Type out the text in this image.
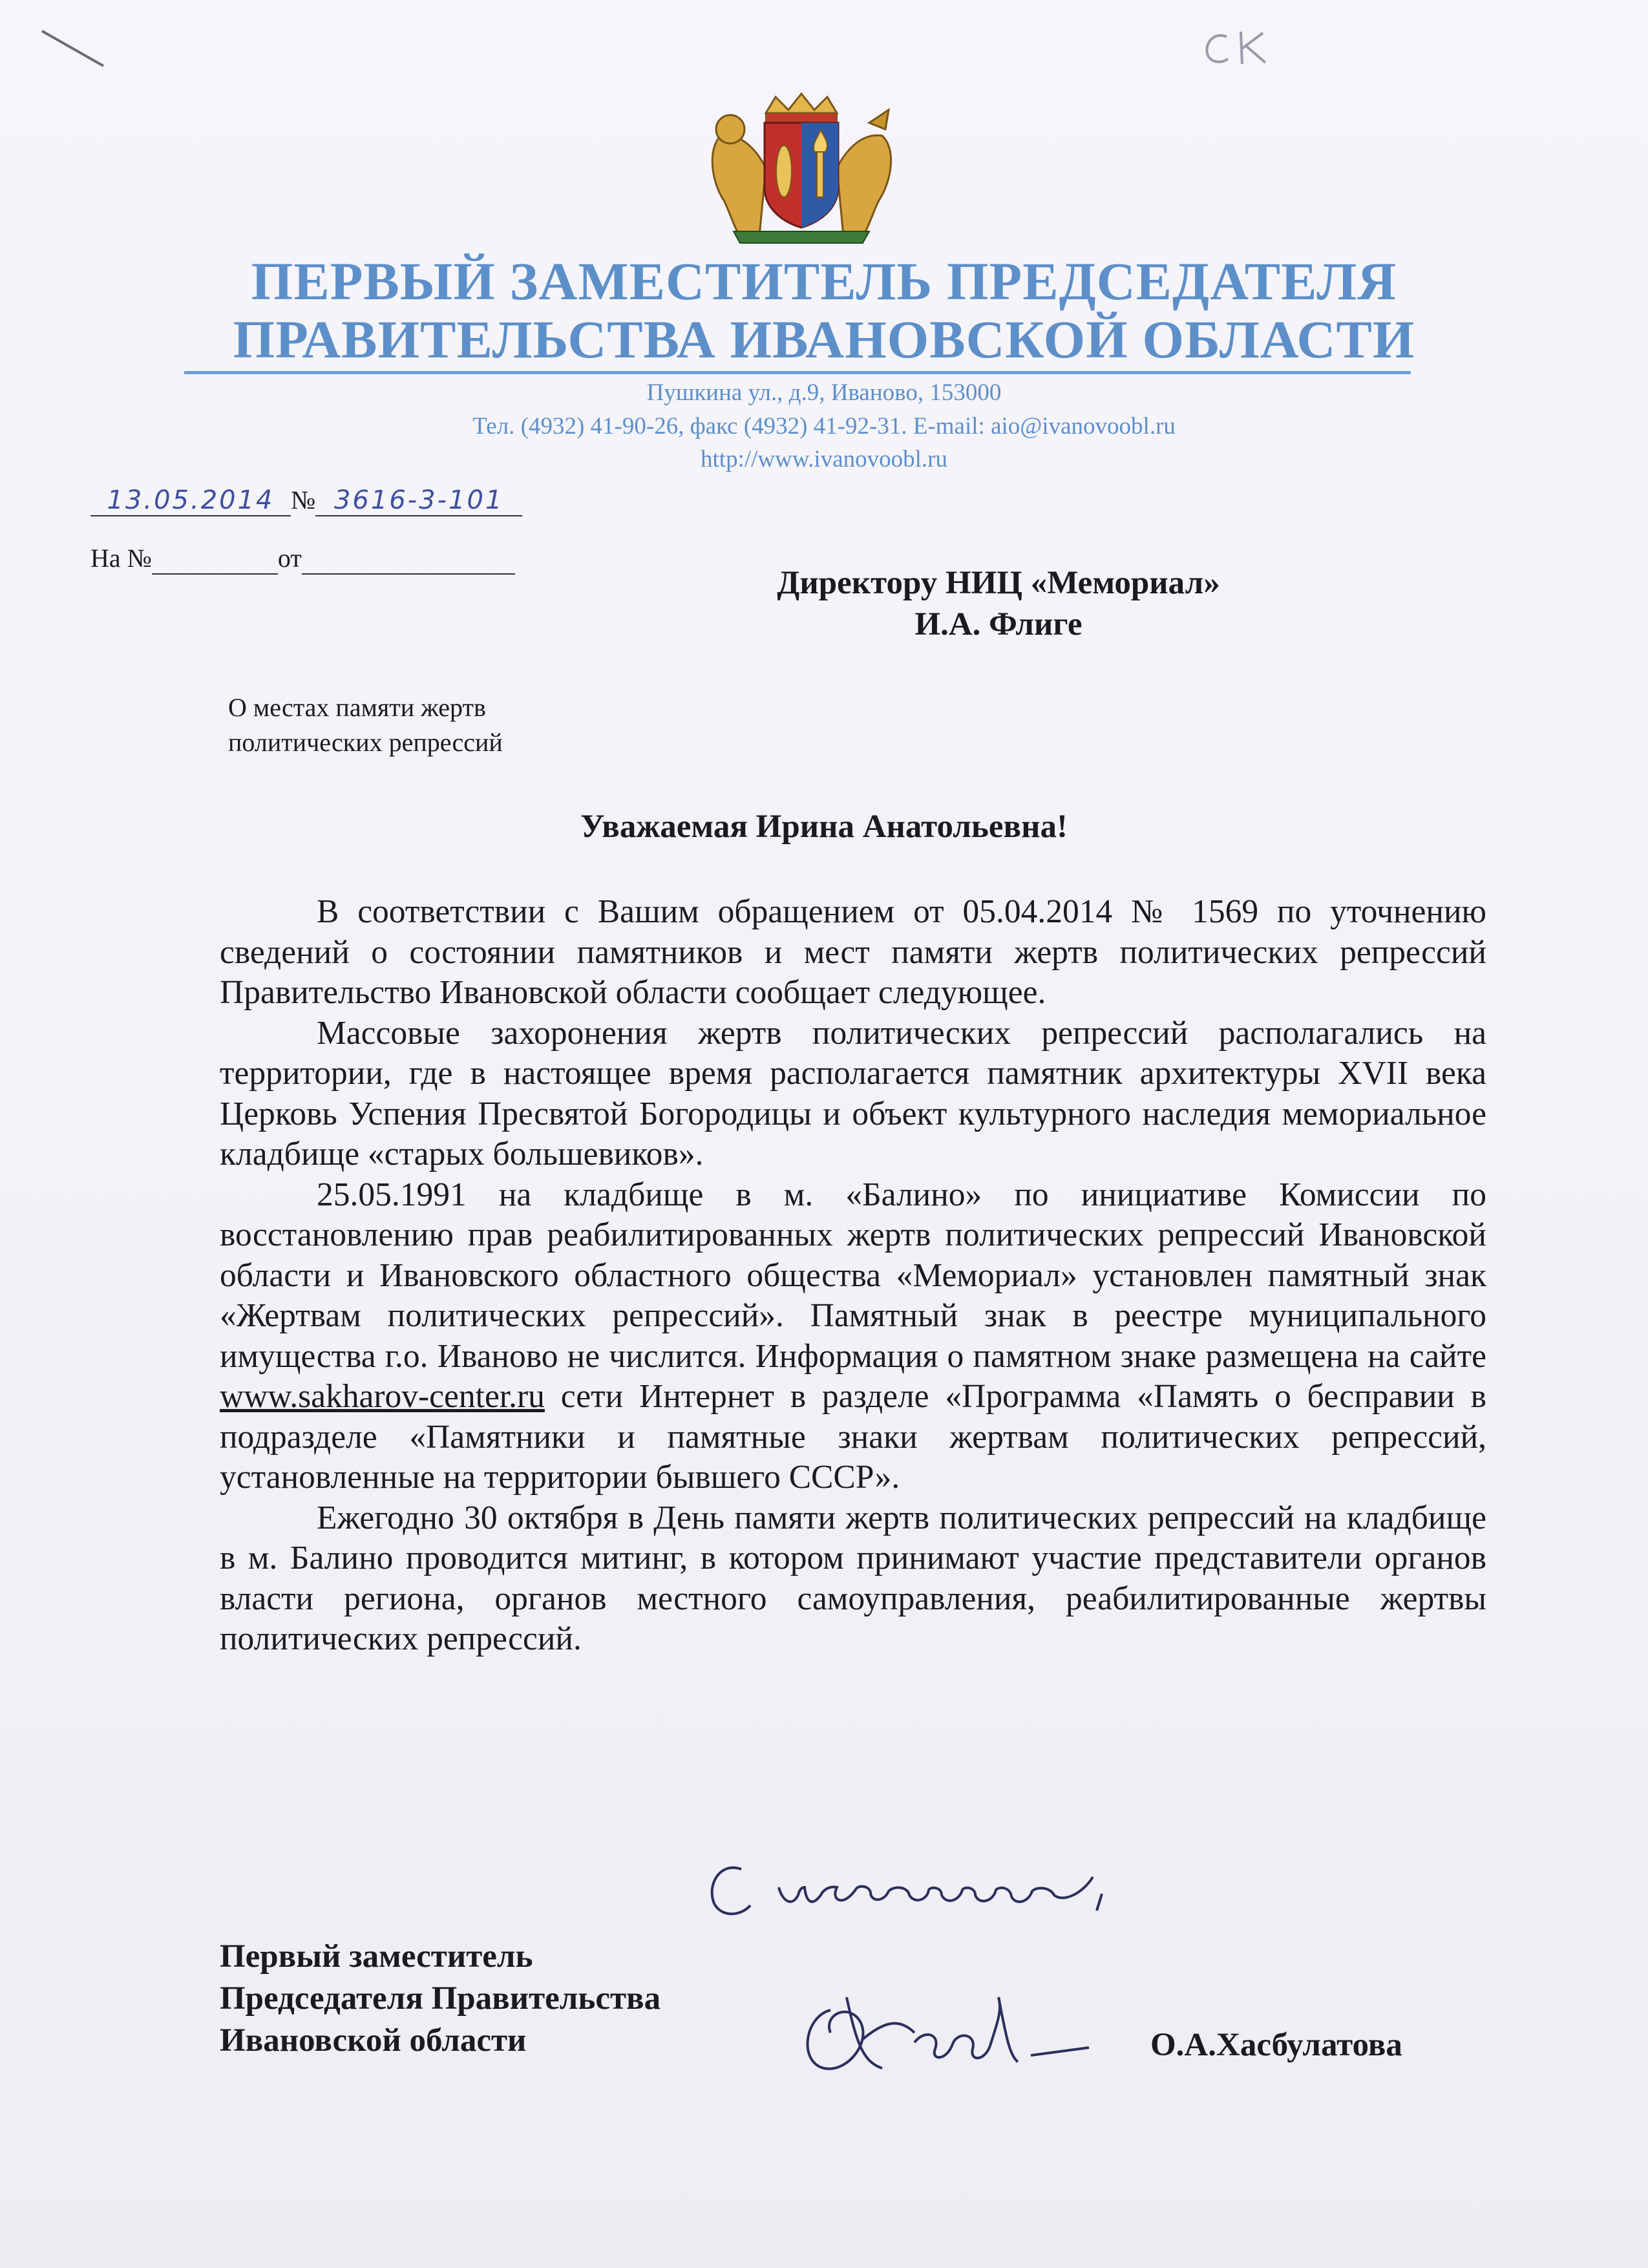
ПЕРВЫЙ ЗАМЕСТИТЕЛЬ ПРЕДСЕДАТЕЛЯ
ПРАВИТЕЛЬСТВА ИВАНОВСКОЙ ОБЛАСТИ
Пушкина ул., д.9, Иваново, 153000
Тел. (4932) 41-90-26, факс (4932) 41-92-31. E-mail: aio@ivanovoobl.ru
http://www.ivanovoobl.ru
13.05.2014 № 3616-3-101
На №	от
Директору НИЦ «Мемориал»
И.А. Флиге
О местах памяти жертв
политических репрессий
Уважаемая Ирина Анатольевна!

В соответствии с Вашим обращением от 05.04.2014 № 1569 по уточнению сведений о состоянии памятников и мест памяти жертв политических репрессий Правительство Ивановской области сообщает следующее.

Массовые захоронения жертв политических репрессий располагались на территории, где в настоящее время располагается памятник архитектуры XVII века Церковь Успения Пресвятой Богородицы и объект культурного наследия мемориальное кладбище «старых большевиков».

25.05.1991 на кладбище в м. «Балино» по инициативе Комиссии по восстановлению прав реабилитированных жертв политических репрессий Ивановской области и Ивановского областного общества «Мемориал» установлен памятный знак «Жертвам политических репрессий». Памятный знак в реестре муниципального имущества г.о. Иваново не числится. Информация о памятном знаке размещена на сайте www.sakharov-center.ru сети Интернет в разделе «Программа «Память о бесправии в подразделе «Памятники и памятные знаки жертвам политических репрессий, установленные на территории бывшего СССР».

Ежегодно 30 октября в День памяти жертв политических репрессий на кладбище в м. Балино проводится митинг, в котором принимают участие представители органов власти региона, органов местного самоуправления, реабилитированные жертвы политических репрессий.

Первый заместитель
Председателя Правительства
Ивановской области	О.А.Хасбулатова
